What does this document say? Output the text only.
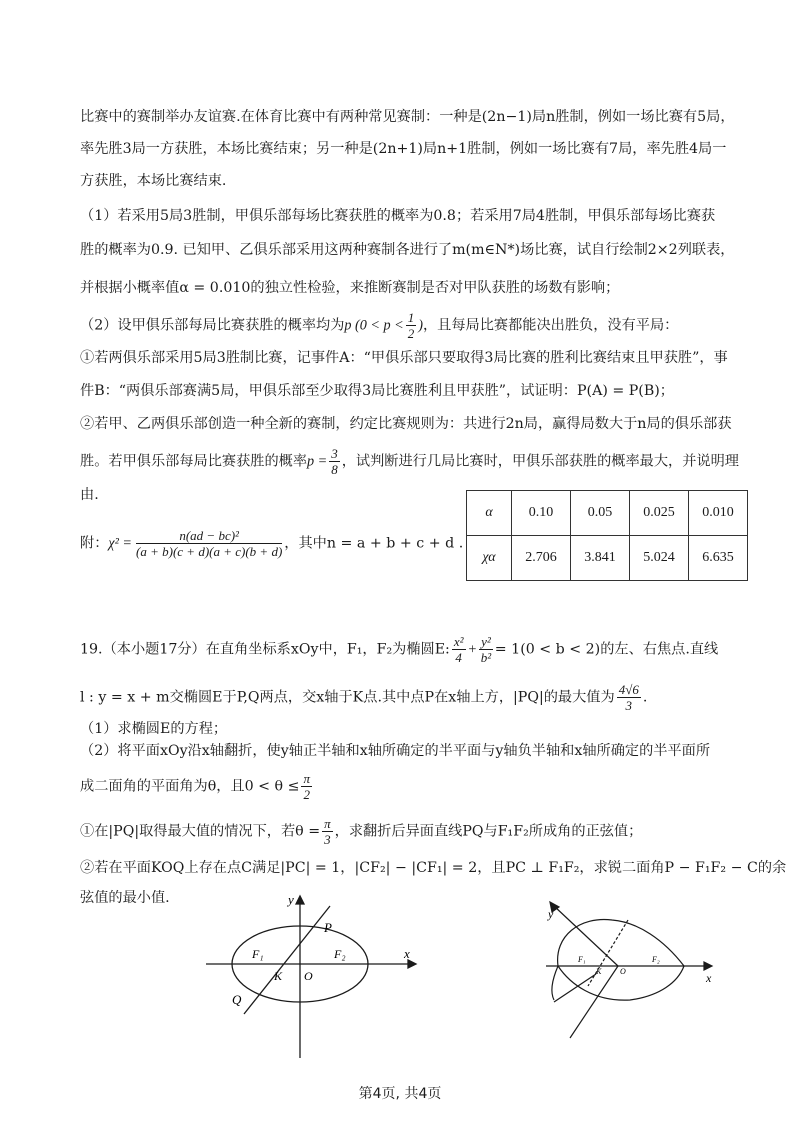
比赛中的赛制举办友谊赛.在体育比赛中有两种常见赛制：一种是(2n−1)局n胜制，例如一场比赛有5局，
率先胜3局一方获胜，本场比赛结束；另一种是(2n+1)局n+1胜制，例如一场比赛有7局，率先胜4局一
方获胜，本场比赛结束.
（1）若采用5局3胜制，甲俱乐部每场比赛获胜的概率为0.8；若采用7局4胜制，甲俱乐部每场比赛获
胜的概率为0.9. 已知甲、乙俱乐部采用这两种赛制各进行了m(m∈N*)场比赛，试自行绘制2×2列联表，
并根据小概率值α = 0.010的独立性检验，来推断赛制是否对甲队获胜的场数有影响；
（2）设甲俱乐部每局比赛获胜的概率均为p ($0 < p < \frac{1}{2}$ )，且每局比赛都能决出胜负，没有平局：
①若两俱乐部采用5局3胜制比赛，记事件A：“甲俱乐部只要取得3局比赛的胜利比赛结束且甲获胜”，事
件B：“两俱乐部赛满5局，甲俱乐部至少取得3局比赛胜利且甲获胜”，试证明：P(A) = P(B)；
②若甲、乙两俱乐部创造一种全新的赛制，约定比赛规则为：共进行2n局，赢得局数大于n局的俱乐部获
胜。若甲俱乐部每局比赛获胜的概率$p = \frac{3}{8}$ ，试判断进行几局比赛时，甲俱乐部获胜的概率最大，并说明理
由.
附：$\chi^2 = \frac{\text{n(ad − bc)²}}{(a + b)(c + d)(a + c)(b + d)}$ ，其中n = a + b + c + d .
α	0.10	0.05	0.025	0.010
χα	2.706	3.841	5.024	6.635
19.（本小题17分）在直角坐标系xOy中，F₁，F₂为椭圆E: $\frac{\text{x²}}{4} + \frac{\text{y²}}{\text{b²}} = 1(0 < b < 2)$的左、右焦点.直线
l : y = x + m交椭圆E于P,Q两点，交x轴于K点.其中点P在x轴上方，|PQ|的最大值为 $\frac{4√6}{3}$ .
（1）求椭圆E的方程；
（2）将平面xOy沿x轴翻折，使y轴正半轴和x轴所确定的半平面与y轴负半轴和x轴所确定的半平面所
成二面角的平面角为θ，且$0 < \theta \le \frac{\pi}{2}$
①在|PQ|取得最大值的情况下，若$\theta = \frac{\pi}{3}$ ，求翻折后异面直线PQ与F₁F₂所成角的正弦值；
②若在平面KOQ上存在点C满足|PC| = 1，|CF₂| − |CF₁| = 2，且PC ⊥ F₁F₂，求锐二面角P − F₁F₂ − C的余
弦值的最小值.	y
x
P
Q
F₁	F₂
K O
y
x
F₁	F₂
K O
第4页, 共4页
